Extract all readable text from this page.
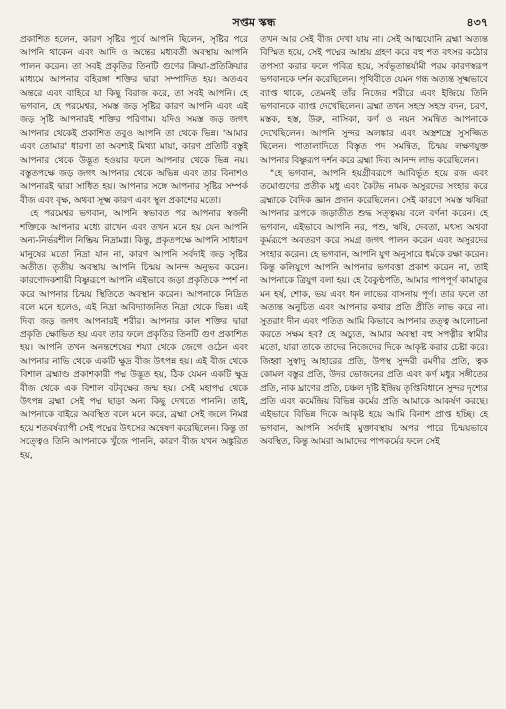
সপ্তম স্কন্ধ	৪৩৭

প্রকাশিত হলেন, কারণ সৃষ্টির পূর্বে আপনি ছিলেন, সৃষ্টির পরে আপনি থাকেন এবং আদি ও অন্তের মধ্যবর্তী অবস্থায় আপনি পালন করেন। তা সবই প্রকৃতির তিনটি গুণের ক্রিয়া-প্রতিক্রিয়ার মাধ্যমে আপনার বহিরঙ্গা শক্তির দ্বারা সম্পাদিত হয়। অতএব অন্তরে এবং বাহিরে যা কিছু বিরাজ করে, তা সবই আপনি। হে ভগবান, হে পরমেশ্বর, সমস্ত জড় সৃষ্টির কারণ আপনি এবং এই জড় সৃষ্টি আপনারই শক্তির পরিণাম। যদিও সমস্ত জড় জগৎ আপনার থেকেই প্রকাশিত তবুও আপনি তা থেকে ভিন্ন। 'আমার এবং তোমার' ধারণা তা অবশ্যই মিথ্যা মায়া, কারণ প্রতিটি বস্তুই আপনার থেকে উদ্ভূত হওয়ার ফলে আপনার থেকে ভিন্ন নয়। বস্তুতপক্ষে জড় জগৎ আপনার থেকে অভিন্ন এবং তার বিনাশও আপনারই দ্বারা সাধিত হয়। আপনার সঙ্গে আপনার সৃষ্টির সম্পর্ক বীজ এবং বৃক্ষ, অথবা সূক্ষ্ম কারণ এবং স্থূল প্রকাশের মতো।

হে পরমেশ্বর ভগবান, আপনি স্বভাবত পর আপনার স্বজনী শক্তিকে আপনার মধ্যে রাখেন এবং তখন মনে হয় যেন আপনি অন্য-নির্ভরশীল নিষ্ক্রিয় নিদ্রামগ্ন। কিন্তু, প্রকৃতপক্ষে আপনি সাধারণ মানুষের মতো নিদ্রা যান না, কারণ আপনি সর্বদাই জড় সৃষ্টির অতীত। তৃতীয় অবস্থায় আপনি চিন্ময় আনন্দ অনুভব করেন। কারণোদকশায়ী বিষ্ণুরূপে আপনি এইভাবে জড়া প্রকৃতিকে স্পর্শ না করে আপনার চিন্ময় স্থিতিতে অবস্থান করেন। আপনাকে নিদ্রিত বলে মনে হলেও, এই নিদ্রা অবিদ্যাজনিত নিদ্রা থেকে ভিন্ন। এই দিব্য জড় জগৎ আপনারই শরীর। আপনার কাল শক্তির দ্বারা প্রকৃতি ক্ষোভিত হয় এবং তার ফলে প্রকৃতির তিনটি গুণ প্রকাশিত হয়। আপনি তখন অনন্তশেষের শয্যা থেকে জেগে ওঠেন এবং আপনার নাভি থেকে একটি ক্ষুদ্র বীজ উৎপন্ন হয়। এই বীজ থেকে বিশাল ব্রহ্মাণ্ড প্রকাশকারী পদ্ম উদ্ভূত হয়, ঠিক যেমন একটি ক্ষুদ্র বীজ থেকে এক বিশাল বটবৃক্ষের জন্ম হয়। সেই মহাপদ্ম থেকে উৎপন্ন ব্রহ্মা সেই পদ্ম ছাড়া অন্য কিছু দেখতে পাননি। তাই, আপনাকে বাইরে অবস্থিত বলে মনে করে, ব্রহ্মা সেই জলে নিমগ্ন হয়ে শতবর্ষব্যাপী সেই পদ্মের উৎসের অন্বেষণ করেছিলেন। কিন্তু তা সত্ত্বেও তিনি আপনাকে খুঁজে পাননি, কারণ বীজ যখন অঙ্কুরিত হয়,

তখন আর সেই বীজ দেখা যায় না। সেই আত্মযোনি ব্রহ্মা অত্যন্ত বিস্মিত হয়ে, সেই পদ্মের আশ্রয় গ্রহণ করে বহু শত বৎসর কঠোর তপস্যা করার ফলে পবিত্র হয়ে, সর্বভূতান্তর্যামী পরম কারণস্বরূপ ভগবানকে দর্শন করেছিলেন। পৃথিবীতে যেমন গন্ধ অত্যন্ত সূক্ষ্মভাবে ব্যাপ্ত থাকে, তেমনই তাঁর নিজের শরীরে এবং ইন্দ্রিয়ে তিনি ভগবানকে ব্যাপ্ত দেখেছিলেন। ব্রহ্মা তখন সহস্র সহস্র বদন, চরণ, মস্তক, হস্ত, উরু, নাসিকা, কর্ণ ও নয়ন সমন্বিত আপনাকে দেখেছিলেন। আপনি সুন্দর অলঙ্কার এবং অস্ত্রশস্ত্রে সুসজ্জিত ছিলেন। পাতালাদিতে বিস্তৃত পদ সমন্বিত, চিন্ময় লক্ষণযুক্ত আপনার বিষ্ণুরূপ দর্শন করে ব্রহ্মা দিব্য আনন্দ লাভ করেছিলেন।

"হে ভগবান, আপনি হয়গ্রীবরূপে আবির্ভূত হয়ে রজ এবং তমোগুণের প্রতীক মধু এবং কৈটভ নামক অসুরদের সংহার করে ব্রহ্মাকে বৈদিক জ্ঞান প্রদান করেছিলেন। সেই কারণে সমস্ত ঋষিরা আপনার রূপকে জড়াতীত শুদ্ধ সত্ত্বময় বলে বর্ণনা করেন। হে ভগবান, এইভাবে আপনি নর, পশু, ঋষি, দেবতা, মৎস্য অথবা কূর্মরূপে অবতরণ করে সমগ্র জগৎ পালন করেন এবং অসুরদের সংহার করেন। হে ভগবান, আপনি যুগ অনুসারে ধর্মকে রক্ষা করেন। কিন্তু কলিযুগে আপনি আপনার ভগবত্তা প্রকাশ করেন না, তাই আপনাকে ত্রিযুগ বলা হয়। হে বৈকুণ্ঠপতি, আমার পাপপূর্ণ কামাতুর মন হর্ষ, শোক, ভয় এবং ধন লাভের বাসনায় পূর্ণ। তার ফলে তা অত্যন্ত অনুচিত এবং আপনার কথার প্রতি প্রীতি লাভ করে না। সুতরাং দীন এবং পতিত আমি কিভাবে আপনার তত্ত্ব আলোচনা করতে সক্ষম হব? হে অচ্যুত, আমার অবস্থা বহু সপত্নীর স্বামীর মতো, যারা তাকে তাদের নিজেদের দিকে আকৃষ্ট করার চেষ্টা করে। জিহ্বা সুস্বাদু আহারের প্রতি, উপস্থ সুন্দরী রমণীর প্রতি, ত্বক কোমল বস্তুর প্রতি, উদর ভোজনের প্রতি এবং কর্ণ মধুর সঙ্গীতের প্রতি, নাক ঘ্রাণের প্রতি, চঞ্চল দৃষ্টি ইন্দ্রিয় তৃপ্তিবিধানে সুন্দর দৃশ্যের প্রতি এবং কর্মেন্দ্রিয় বিভিন্ন কর্মের প্রতি আমাকে আকর্ষণ করছে। এইভাবে বিভিন্ন দিকে আকৃষ্ট হয়ে আমি বিনাশ প্রাপ্ত হচ্ছি। হে ভগবান, আপনি সর্বদাই মুক্তাবস্থায় অপর পারে চিন্ময়ভাবে অবস্থিত, কিন্তু আমরা আমাদের পাপকর্মের ফলে সেই
